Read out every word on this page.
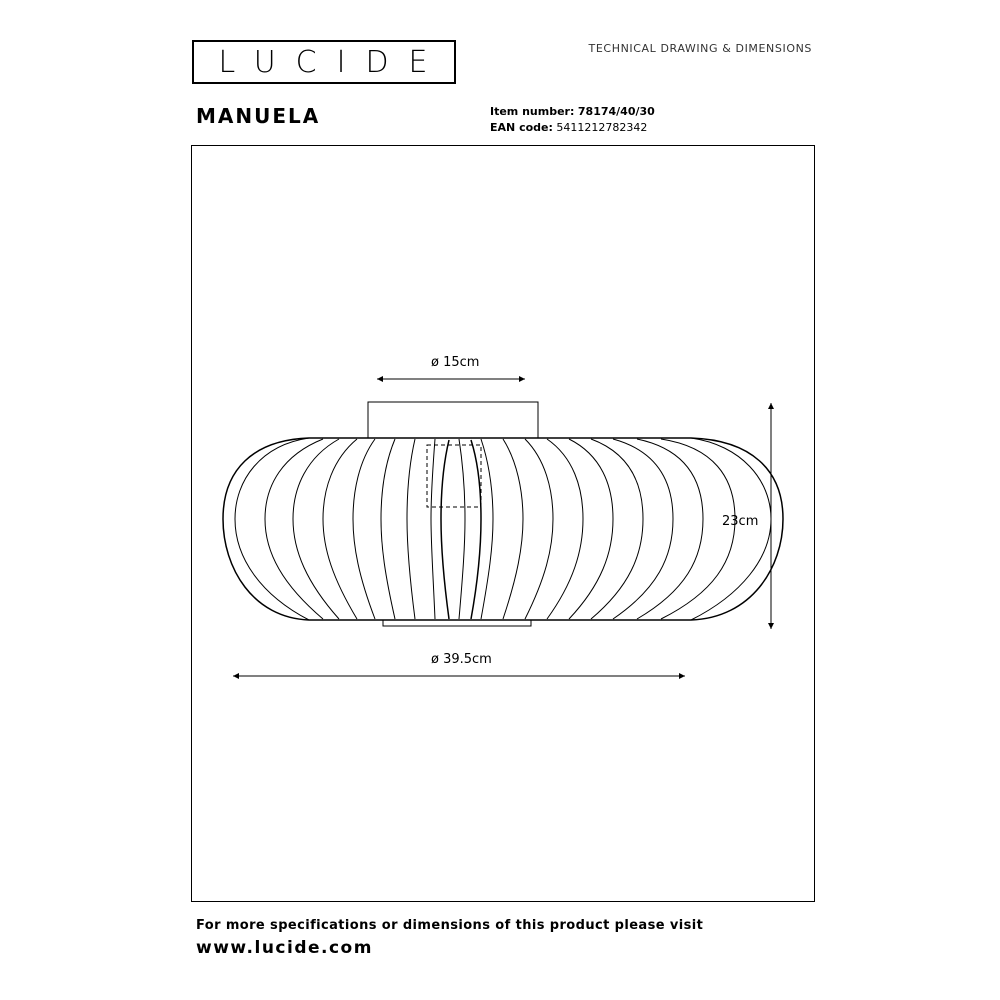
LUCIDE	TECHNICAL DRAWING & DIMENSIONS
MANUELA	Item number: 78174/40/30
EAN code: 5411212782342
ø 15cm
23cm
ø 39.5cm
For more specifications or dimensions of this product please visit
www.lucide.com
